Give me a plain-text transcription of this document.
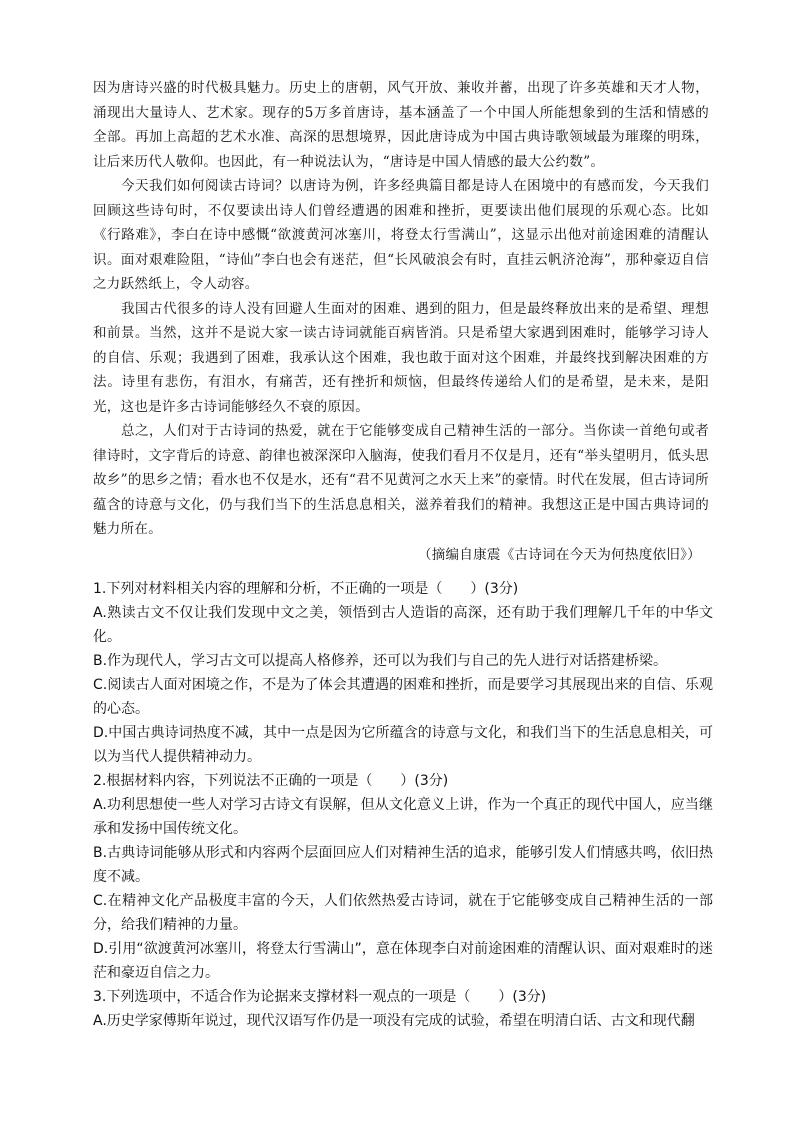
因为唐诗兴盛的时代极具魅力。历史上的唐朝，风气开放、兼收并蓄，出现了许多英雄和天才人物，涌现出大量诗人、艺术家。现存的5万多首唐诗，基本涵盖了一个中国人所能想象到的生活和情感的全部。再加上高超的艺术水准、高深的思想境界，因此唐诗成为中国古典诗歌领域最为璀璨的明珠，让后来历代人敬仰。也因此，有一种说法认为，“唐诗是中国人情感的最大公约数”。

今天我们如何阅读古诗词？以唐诗为例，许多经典篇目都是诗人在困境中的有感而发，今天我们回顾这些诗句时，不仅要读出诗人们曾经遭遇的困难和挫折，更要读出他们展现的乐观心态。比如《行路难》，李白在诗中感慨“欲渡黄河冰塞川，将登太行雪满山”，这显示出他对前途困难的清醒认识。面对艰难险阻，“诗仙”李白也会有迷茫，但“长风破浪会有时，直挂云帆济沧海”，那种豪迈自信之力跃然纸上，令人动容。

我国古代很多的诗人没有回避人生面对的困难、遇到的阻力，但是最终释放出来的是希望、理想和前景。当然，这并不是说大家一读古诗词就能百病皆消。只是希望大家遇到困难时，能够学习诗人的自信、乐观；我遇到了困难，我承认这个困难，我也敢于面对这个困难，并最终找到解决困难的方法。诗里有悲伤，有泪水，有痛苦，还有挫折和烦恼，但最终传递给人们的是希望，是未来，是阳光，这也是许多古诗词能够经久不衰的原因。

总之，人们对于古诗词的热爱，就在于它能够变成自己精神生活的一部分。当你读一首绝句或者律诗时，文字背后的诗意、韵律也被深深印入脑海，使我们看月不仅是月，还有“举头望明月，低头思故乡”的思乡之情；看水也不仅是水，还有“君不见黄河之水天上来”的豪情。时代在发展，但古诗词所蕴含的诗意与文化，仍与我们当下的生活息息相关，滋养着我们的精神。我想这正是中国古典诗词的魅力所在。

（摘编自康震《古诗词在今天为何热度依旧》）

1.下列对材料相关内容的理解和分析，不正确的一项是（　　）(3分)

A.熟读古文不仅让我们发现中文之美，领悟到古人造诣的高深，还有助于我们理解几千年的中华文化。

B.作为现代人，学习古文可以提高人格修养，还可以为我们与自己的先人进行对话搭建桥梁。

C.阅读古人面对困境之作，不是为了体会其遭遇的困难和挫折，而是要学习其展现出来的自信、乐观的心态。

D.中国古典诗词热度不减，其中一点是因为它所蕴含的诗意与文化，和我们当下的生活息息相关，可以为当代人提供精神动力。

2.根据材料内容，下列说法不正确的一项是（　　）(3分)

A.功利思想使一些人对学习古诗文有误解，但从文化意义上讲，作为一个真正的现代中国人，应当继承和发扬中国传统文化。

B.古典诗词能够从形式和内容两个层面回应人们对精神生活的追求，能够引发人们情感共鸣，依旧热度不减。

C.在精神文化产品极度丰富的今天，人们依然热爱古诗词，就在于它能够变成自己精神生活的一部分，给我们精神的力量。

D.引用“欲渡黄河冰塞川，将登太行雪满山”，意在体现李白对前途困难的清醒认识、面对艰难时的迷茫和豪迈自信之力。

3.下列选项中，不适合作为论据来支撑材料一观点的一项是（　　）(3分)

A.历史学家傅斯年说过，现代汉语写作仍是一项没有完成的试验，希望在明清白话、古文和现代翻
